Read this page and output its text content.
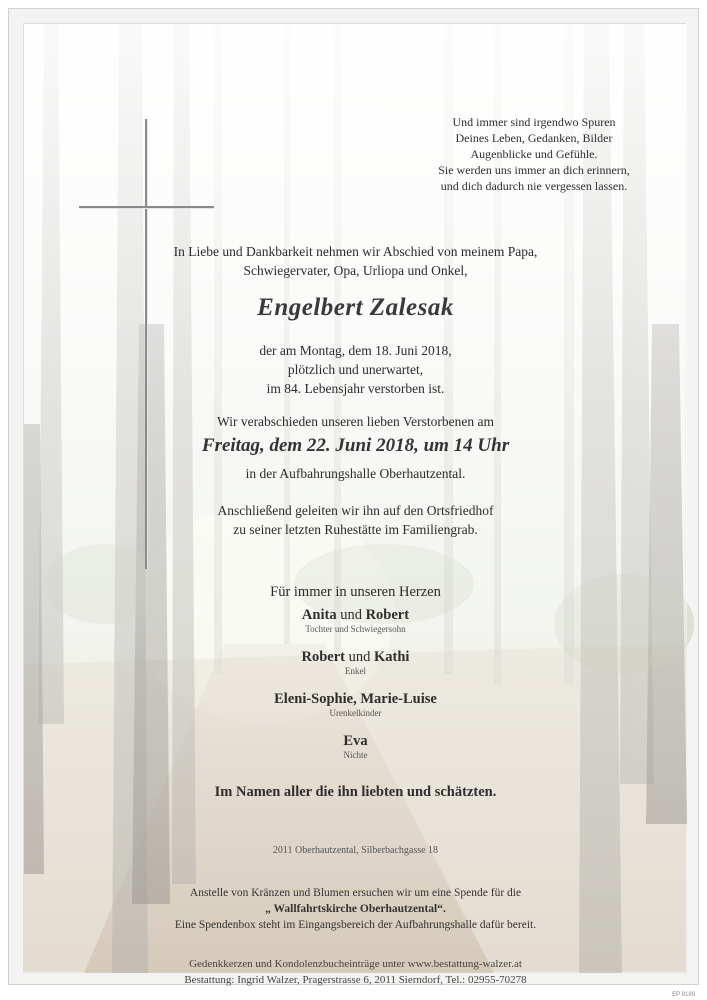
Und immer sind irgendwo Spuren
Deines Leben, Gedanken, Bilder
Augenblicke und Gefühle.
Sie werden uns immer an dich erinnern,
und dich dadurch nie vergessen lassen.
In Liebe und Dankbarkeit nehmen wir Abschied von meinem Papa,
Schwiegervater, Opa, Urliopa und Onkel,
Engelbert Zalesak
der am Montag, dem 18. Juni 2018,
plötzlich und unerwartet,
im 84. Lebensjahr verstorben ist.
Wir verabschieden unseren lieben Verstorbenen am
Freitag, dem 22. Juni 2018, um 14 Uhr
in der Aufbahrungshalle Oberhautzental.
Anschließend geleiten wir ihn auf den Ortsfriedhof
zu seiner letzten Ruhestätte im Familiengrab.
Für immer in unseren Herzen
Anita und Robert
Tochter und Schwiegersohn
Robert und Kathi
Enkel
Eleni-Sophie, Marie-Luise
Urenkelkinder
Eva
Nichte
Im Namen aller die ihn liebten und schätzten.
2011 Oberhautzental, Silberbachgasse 18
Anstelle von Kränzen und Blumen ersuchen wir um eine Spende für die
„ Wallfahrtskirche Oberhautzental“.
Eine Spendenbox steht im Eingangsbereich der Aufbahrungshalle dafür bereit.
Gedenkkerzen und Kondolenzbucheinträge unter www.bestattung-walzer.at
Bestattung: Ingrid Walzer, Pragerstrasse 6, 2011 Sierndorf, Tel.: 02955-70278
EP 9189
